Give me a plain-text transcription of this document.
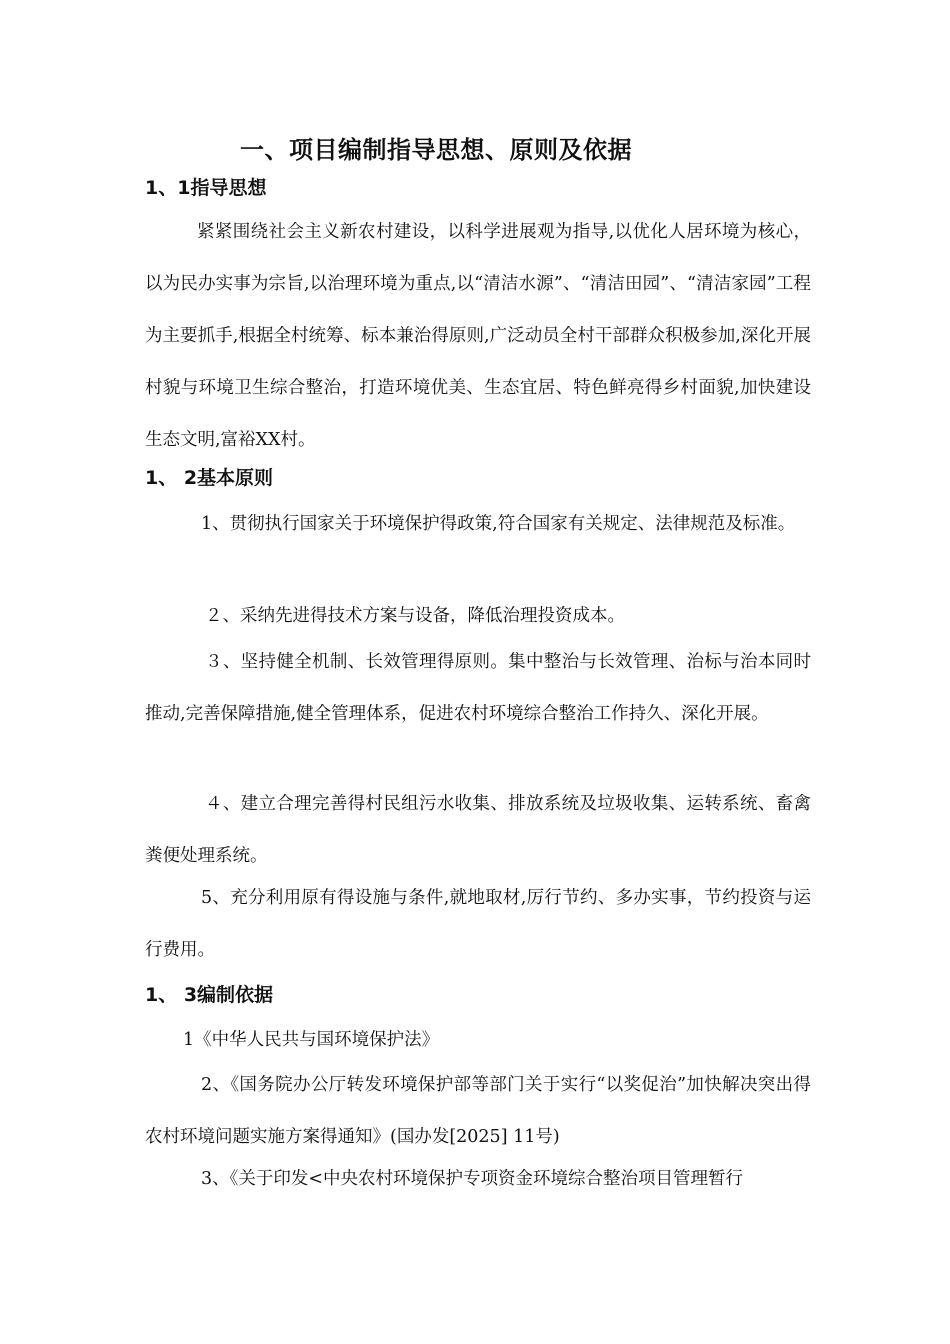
一、项目编制指导思想、原则及依据
1、1指导思想

紧紧围绕社会主义新农村建设，以科学进展观为指导,以优化人居环境为核心，以为民办实事为宗旨,以治理环境为重点,以“清洁水源”、“清洁田园”、“清洁家园”工程为主要抓手,根据全村统筹、标本兼治得原则,广泛动员全村干部群众积极参加,深化开展村貌与环境卫生综合整治，打造环境优美、生态宜居、特色鲜亮得乡村面貌,加快建设生态文明,富裕XX村。

1、 2基本原则

1、贯彻执行国家关于环境保护得政策,符合国家有关规定、法律规范及标准。

２、采纳先进得技术方案与设备，降低治理投资成本。

３、坚持健全机制、长效管理得原则。集中整治与长效管理、治标与治本同时推动,完善保障措施,健全管理体系，促进农村环境综合整治工作持久、深化开展。

４、建立合理完善得村民组污水收集、排放系统及垃圾收集、运转系统、畜禽粪便处理系统。

5、充分利用原有得设施与条件,就地取材,厉行节约、多办实事，节约投资与运行费用。

1、 3编制依据

1《中华人民共与国环境保护法》

2、《国务院办公厅转发环境保护部等部门关于实行“以奖促治”加快解决突出得农村环境问题实施方案得通知》(国办发[2025] 11号)

3、《关于印发<中央农村环境保护专项资金环境综合整治项目管理暂行
